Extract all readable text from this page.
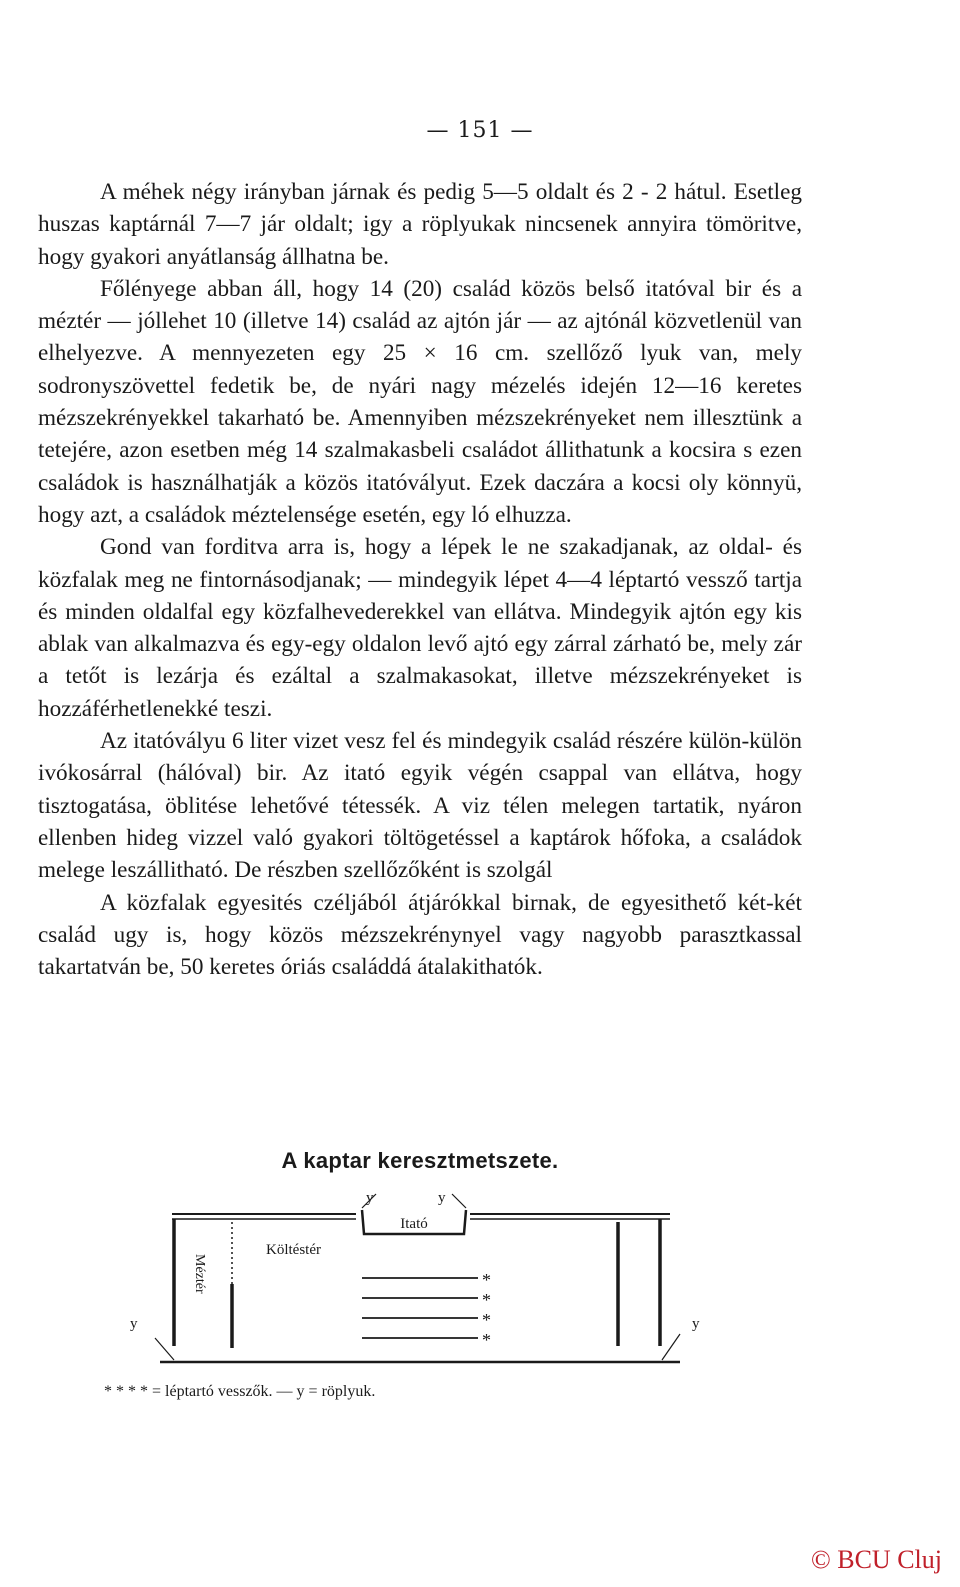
— 151 —

A méhek négy irányban járnak és pedig 5—5 oldalt és 2 - 2 hátul. Esetleg huszas kaptárnál 7—7 jár oldalt; igy a röplyukak nincsenek annyira tömöritve, hogy gyakori anyátlanság állhatna be.

Főlényege abban áll, hogy 14 (20) család közös belső itatóval bir és a méztér — jóllehet 10 (illetve 14) család az ajtón jár — az ajtónál közvetlenül van elhelyezve. A mennyezeten egy 25 × 16 cm. szellőző lyuk van, mely sodronyszövettel fedetik be, de nyári nagy mézelés idején 12—16 keretes mézszekrényekkel takarható be. Amennyiben mézszekrényeket nem illesztünk a tetejére, azon esetben még 14 szalmakasbeli családot állithatunk a kocsira s ezen családok is használhatják a közös itatóvályut. Ezek daczára a kocsi oly könnyü, hogy azt, a családok méztelensége esetén, egy ló elhuzza.

Gond van forditva arra is, hogy a lépek le ne szakadjanak, az oldal- és közfalak meg ne fintornásodjanak; — mindegyik lépet 4—4 léptartó vessző tartja és minden oldalfal egy közfalhevederekkel van ellátva. Mindegyik ajtón egy kis ablak van alkalmazva és egy-egy oldalon levő ajtó egy zárral zárható be, mely zár a tetőt is lezárja és ezáltal a szalmakasokat, illetve mézszekrényeket is hozzáférhetlenekké teszi.

Az itatóvályu 6 liter vizet vesz fel és mindegyik család részére külön-külön ivókosárral (hálóval) bir. Az itató egyik végén csappal van ellátva, hogy tisztogatása, öblitése lehetővé tétessék. A viz télen melegen tartatik, nyáron ellenben hideg vizzel való gyakori töltögetéssel a kaptárok hőfoka, a családok melege leszállitható. De részben szellőzőként is szolgál

A közfalak egyesités czéljából átjárókkal birnak, de egyesithető két-két család ugy is, hogy közös mézszekrénynyel vagy nagyobb parasztkassal takartatván be, 50 keretes óriás családdá átalakithatók.

A kaptar keresztmetszete.
Itató
Költéstér
Méztér	*
*
*
*
y	y
y	y
* * * * = léptartó vesszők. — y = röplyuk.
© BCU Cluj
